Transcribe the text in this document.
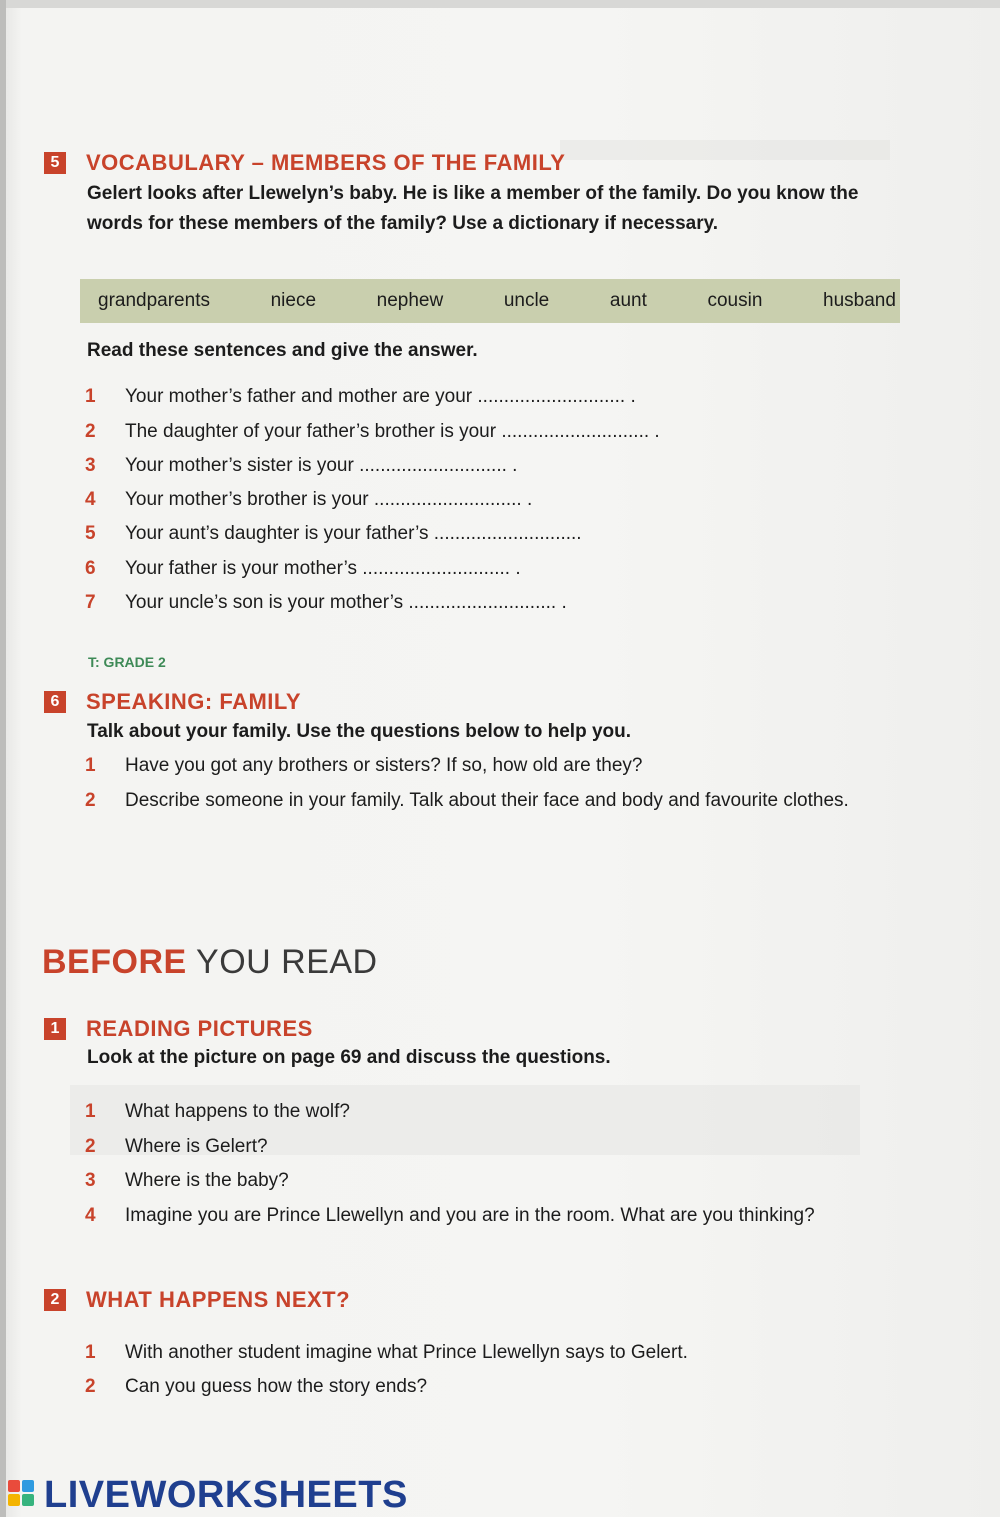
5 VOCABULARY – MEMBERS OF THE FAMILY
Gelert looks after Llewelyn’s baby. He is like a member of the family. Do you know the words for these members of the family? Use a dictionary if necessary.
grandparents	niece	nephew	uncle	aunt	cousin	husband
Read these sentences and give the answer.
1	Your mother’s father and mother are your ............................ .
2	The daughter of your father’s brother is your ............................ .
3	Your mother’s sister is your ............................ .
4	Your mother’s brother is your ............................ .
5	Your aunt’s daughter is your father’s ............................
6	Your father is your mother’s ............................ .
7	Your uncle’s son is your mother’s ............................ .
T: GRADE 2
6 SPEAKING: FAMILY
Talk about your family. Use the questions below to help you.
1	Have you got any brothers or sisters? If so, how old are they?
2	Describe someone in your family. Talk about their face and body and favourite clothes.
BEFORE YOU READ
1 READING PICTURES
Look at the picture on page 69 and discuss the questions.
1	What happens to the wolf?
2	Where is Gelert?
3	Where is the baby?
4	Imagine you are Prince Llewellyn and you are in the room. What are you thinking?
2 WHAT HAPPENS NEXT?
1	With another student imagine what Prince Llewellyn says to Gelert.
2	Can you guess how the story ends?
LIVEWORKSHEETS
